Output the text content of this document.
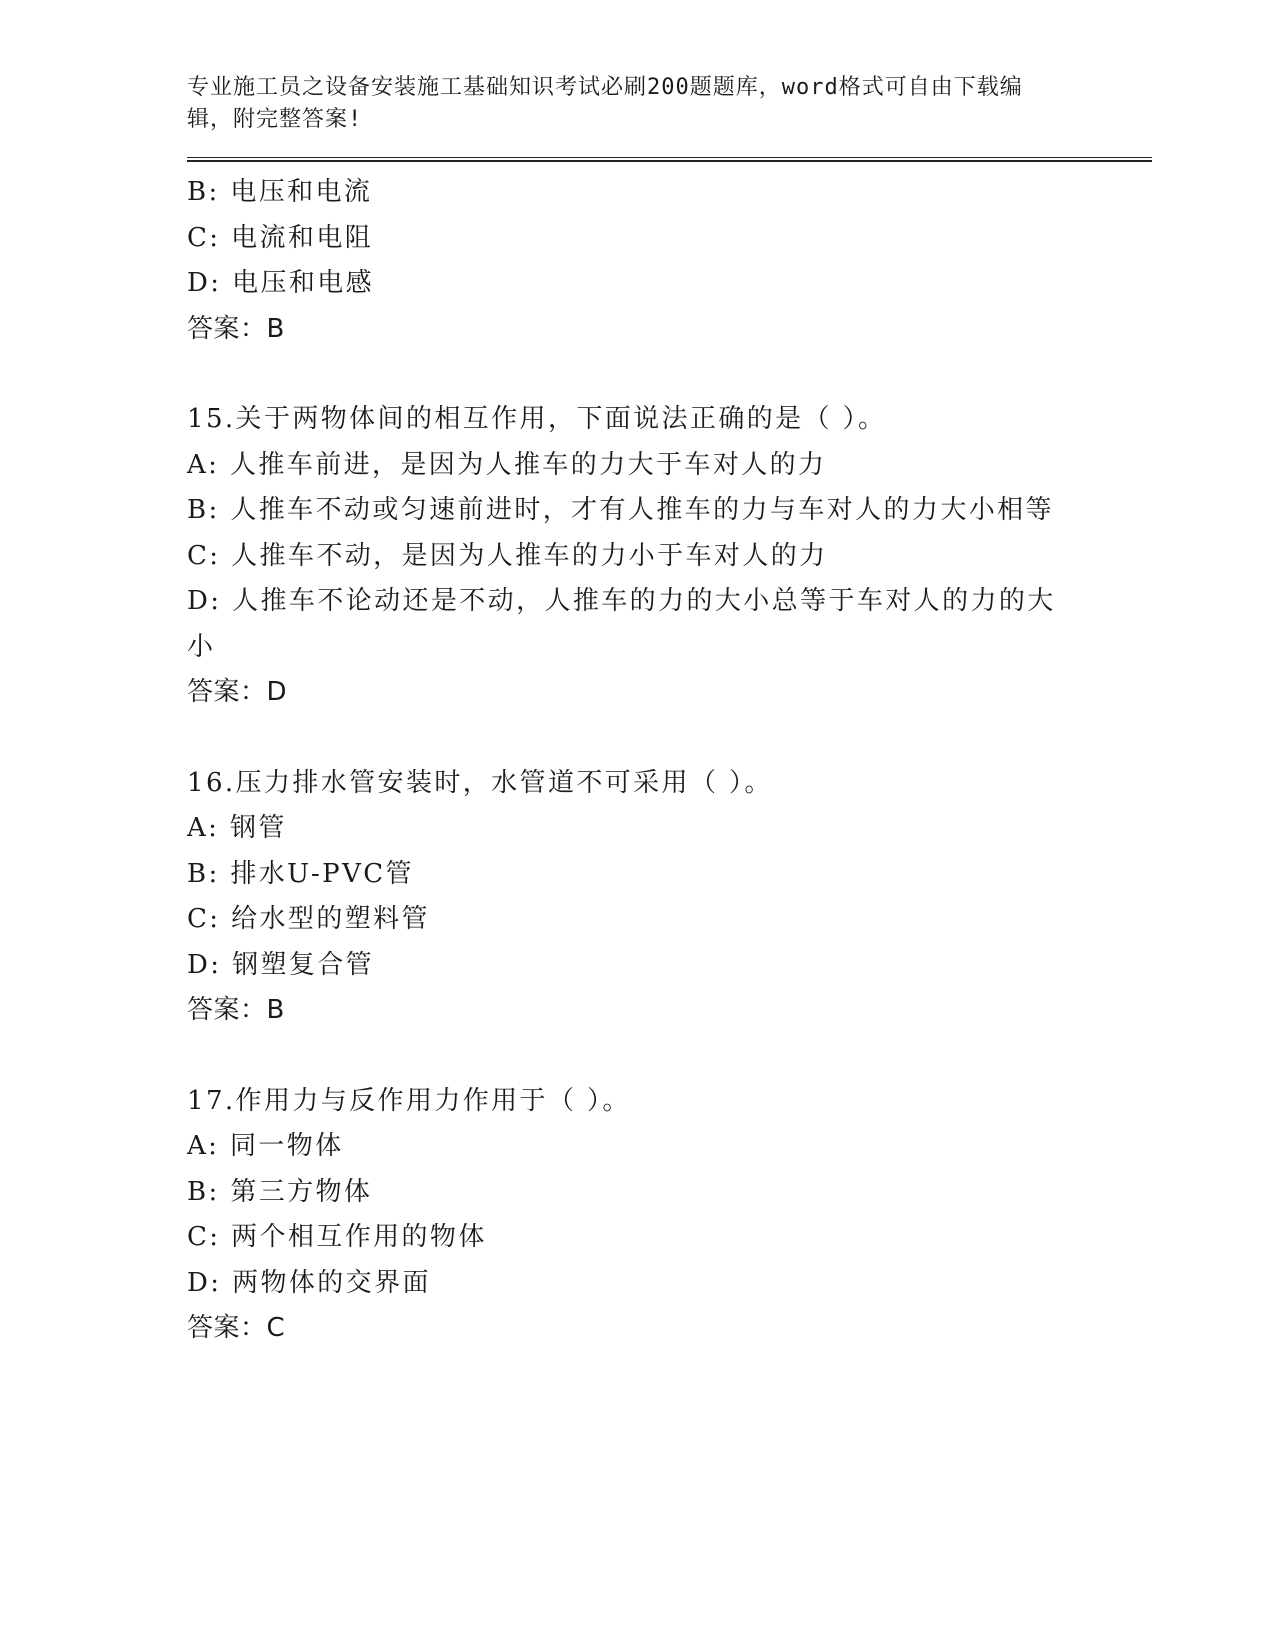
专业施工员之设备安装施工基础知识考试必刷200题题库，word格式可自由下载编辑，附完整答案!
B: 电压和电流
C: 电流和电阻
D: 电压和电感
答案：B
15.关于两物体间的相互作用，下面说法正确的是（ ）。
A: 人推车前进，是因为人推车的力大于车对人的力
B: 人推车不动或匀速前进时，才有人推车的力与车对人的力大小相等
C: 人推车不动，是因为人推车的力小于车对人的力
D: 人推车不论动还是不动，人推车的力的大小总等于车对人的力的大小
答案：D
16.压力排水管安装时，水管道不可采用（ ）。
A: 钢管
B: 排水U-PVC管
C: 给水型的塑料管
D: 钢塑复合管
答案：B
17.作用力与反作用力作用于（ ）。
A: 同一物体
B: 第三方物体
C: 两个相互作用的物体
D: 两物体的交界面
答案：C
